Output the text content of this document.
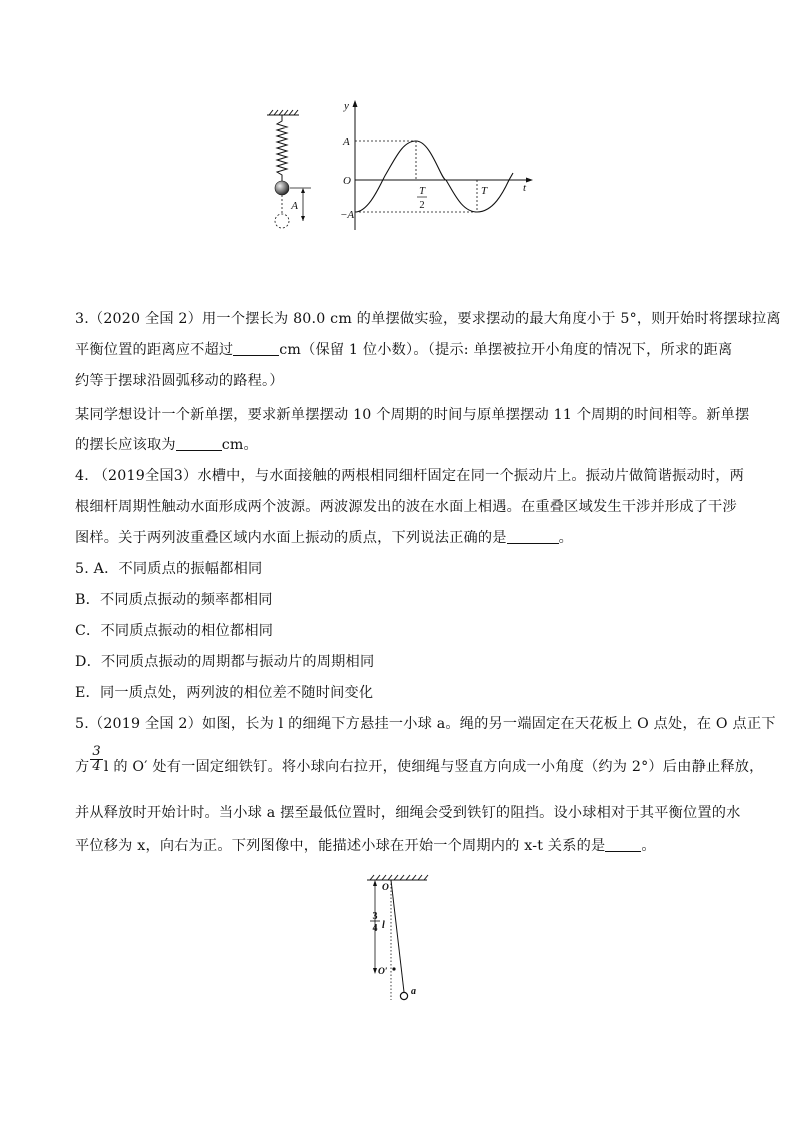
A
y
t
A
O
−A
T
2
T
3.（2020 全国 2）用一个摆长为 80.0 cm 的单摆做实验，要求摆动的最大角度小于 5°，则开始时将摆球拉离
平衡位置的距离应不超过	cm（保留 1 位小数）。（提示: 单摆被拉开小角度的情况下，所求的距离
约等于摆球沿圆弧移动的路程。）
某同学想设计一个新单摆，要求新单摆摆动 10 个周期的时间与原单摆摆动 11 个周期的时间相等。新单摆
的摆长应该取为	cm。
4. （2019全国3）水槽中，与水面接触的两根相同细杆固定在同一个振动片上。振动片做简谐振动时，两
根细杆周期性触动水面形成两个波源。两波源发出的波在水面上相遇。在重叠区域发生干涉并形成了干涉
图样。关于两列波重叠区域内水面上振动的质点，下列说法正确的是	。
5. A．不同质点的振幅都相同
B．不同质点振动的频率都相同
C．不同质点振动的相位都相同
D．不同质点振动的周期都与振动片的周期相同
E．同一质点处，两列波的相位差不随时间变化
5.（2019 全国 2）如图，长为 l 的细绳下方悬挂一小球 a。绳的另一端固定在天花板上 O 点处，在 O 点正下
方 $\frac{3}{4}$ l 的 O′ 处有一固定细铁钉。将小球向右拉开，使细绳与竖直方向成一小角度（约为 2°）后由静止释放，
并从释放时开始计时。当小球 a 摆至最低位置时，细绳会受到铁钉的阻挡。设小球相对于其平衡位置的水
平位移为 x，向右为正。下列图像中，能描述小球在开始一个周期内的 x-t 关系的是	。
O
3
4 l
O′
a
